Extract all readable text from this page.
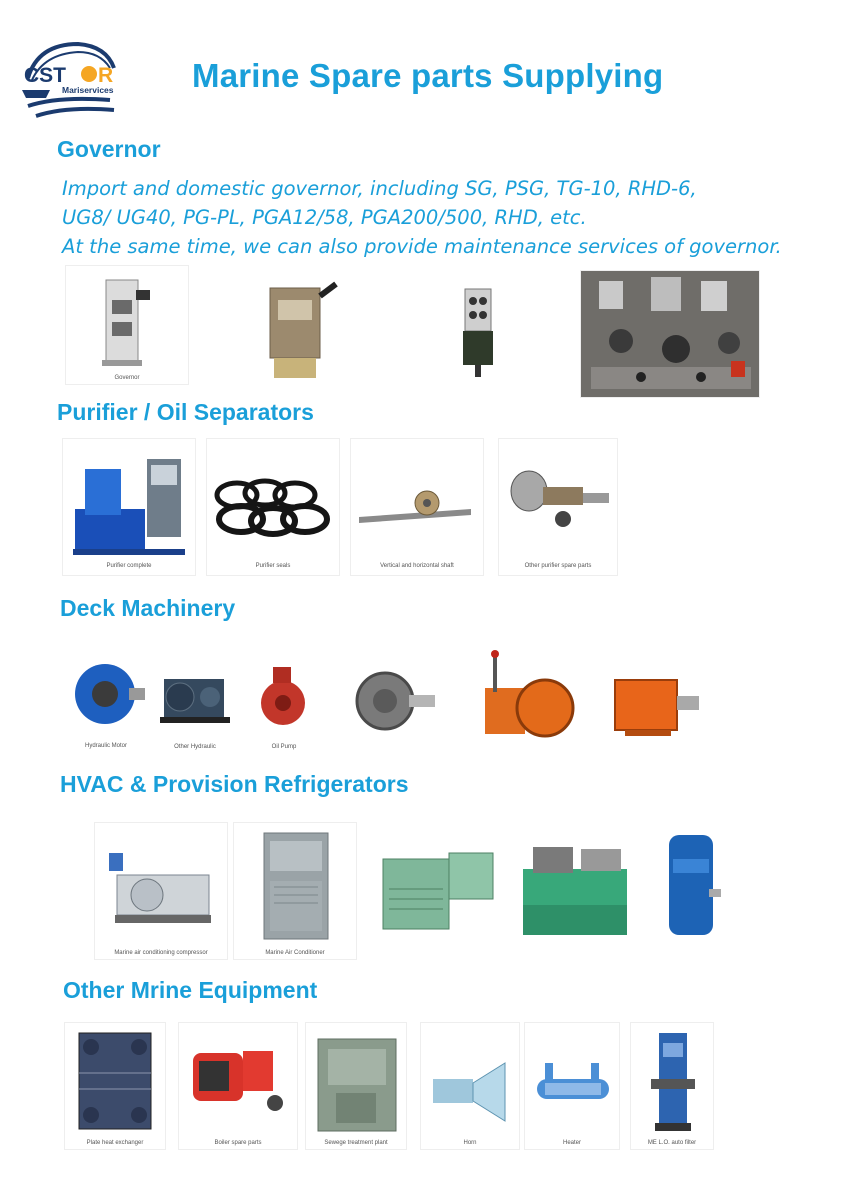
CST R
Mariservices Marine Spare parts Supplying
Governor
Import and domestic governor, including SG, PSG, TG-10, RHD-6,
UG8/ UG40, PG-PL, PGA12/58, PGA200/500, RHD, etc.
At the same time, we can also provide maintenance services of governor.
Governor
Purifier / Oil Separators
Purifier complete	Purifier seals	Vertical and horizontal shaft	Other purifier spare parts
Deck Machinery
Hydraulic Motor	Other Hydraulic	Oil Pump
HVAC & Provision Refrigerators
Marine air conditioning compressor	Marine Air Conditioner
Other Mrine Equipment
Plate heat exchanger	Boiler spare parts	Sewege treatment plant	Horn	Heater	ME L.O. auto filter
